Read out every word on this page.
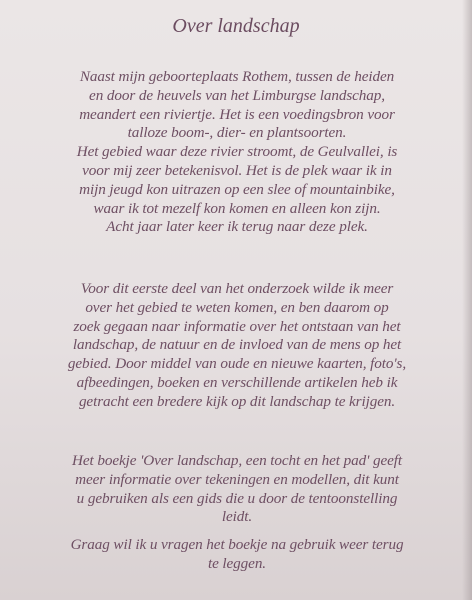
Over landschap
Naast mijn geboorteplaats Rothem, tussen de heiden
en door de heuvels van het Limburgse landschap,
meandert een riviertje. Het is een voedingsbron voor
talloze boom-, dier- en plantsoorten.
Het gebied waar deze rivier stroomt, de Geulvallei, is
voor mij zeer betekenisvol. Het is de plek waar ik in
mijn jeugd kon uitrazen op een slee of mountainbike,
waar ik tot mezelf kon komen en alleen kon zijn.
Acht jaar later keer ik terug naar deze plek.
Voor dit eerste deel van het onderzoek wilde ik meer
over het gebied te weten komen, en ben daarom op
zoek gegaan naar informatie over het ontstaan van het
landschap, de natuur en de invloed van de mens op het
gebied. Door middel van oude en nieuwe kaarten, foto's,
afbeedingen, boeken en verschillende artikelen heb ik
getracht een bredere kijk op dit landschap te krijgen.
Het boekje 'Over landschap, een tocht en het pad' geeft
meer informatie over tekeningen en modellen, dit kunt
u gebruiken als een gids die u door de tentoonstelling
leidt.
Graag wil ik u vragen het boekje na gebruik weer terug
te leggen.
